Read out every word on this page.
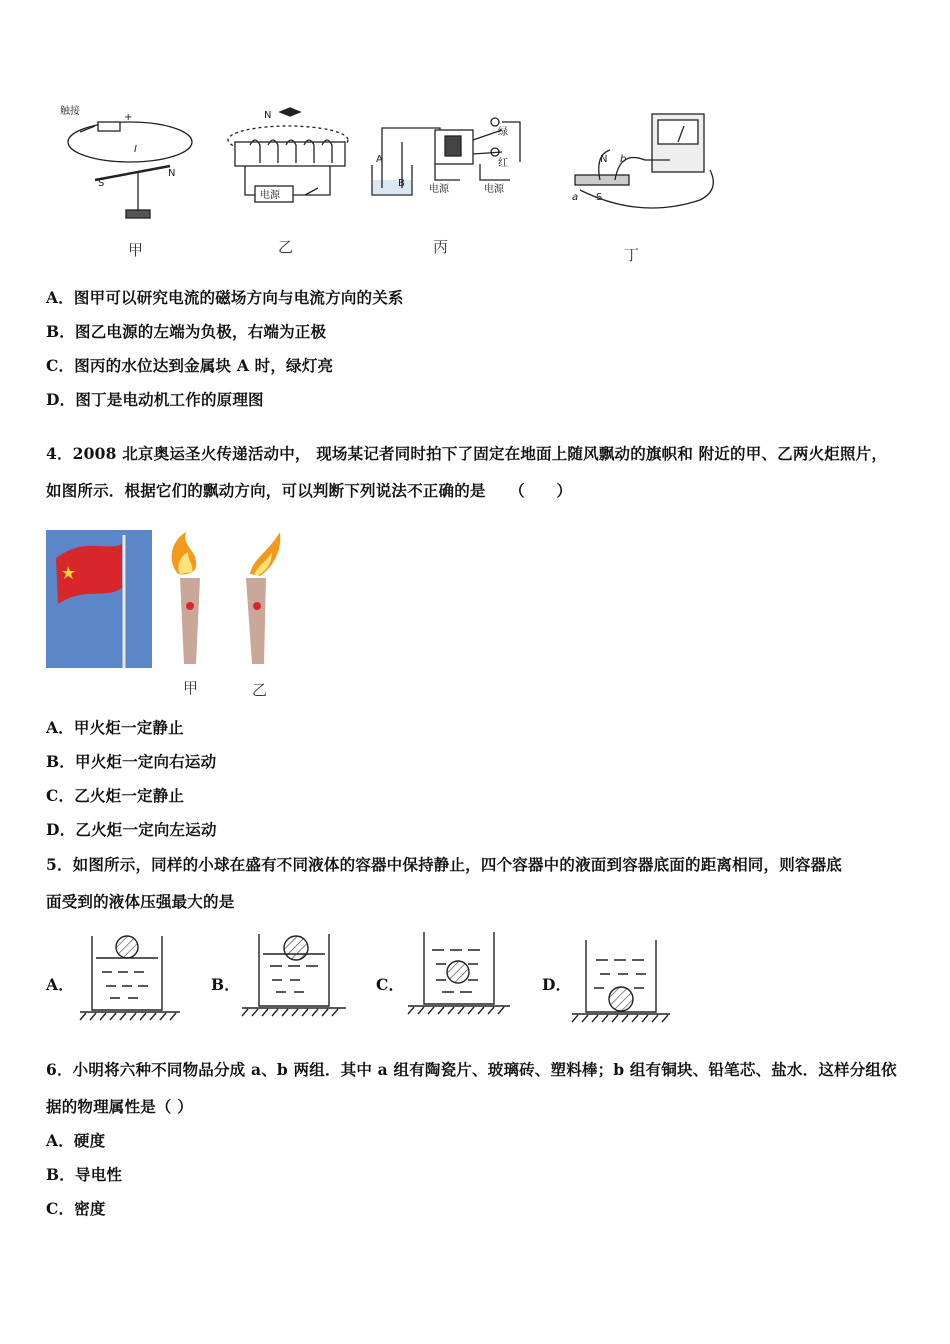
触接
+
I
S
N
N
电源
A
B
电源	电源
绿
红	N b
a S
甲	乙	丙	丁
A．图甲可以研究电流的磁场方向与电流方向的关系
B．图乙电源的左端为负极，右端为正极
C．图丙的水位达到金属块 A 时，绿灯亮
D．图丁是电动机工作的原理图
4．2008 北京奥运圣火传递活动中， 现场某记者同时拍下了固定在地面上随风飘动的旗帜和 附近的甲、乙两火炬照片，
如图所示．根据它们的飘动方向，可以判断下列说法不正确的是　　（　　）
甲	乙
A．甲火炬一定静止
B．甲火炬一定向右运动
C．乙火炬一定静止
D．乙火炬一定向左运动
5．如图所示，同样的小球在盛有不同液体的容器中保持静止，四个容器中的液面到容器底面的距离相同，则容器底
面受到的液体压强最大的是
A．	B．	C．	D．
6．小明将六种不同物品分成 a、b 两组．其中 a 组有陶瓷片、玻璃砖、塑料棒；b 组有铜块、铅笔芯、盐水．这样分组依
据的物理属性是（ ）
A．硬度
B．导电性
C．密度
